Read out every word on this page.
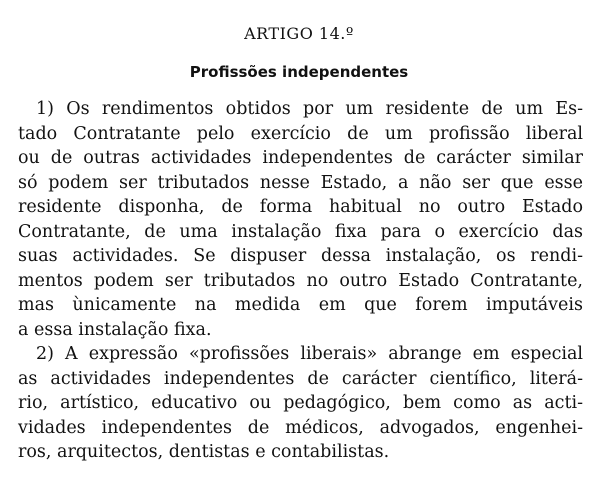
ARTIGO 14.º
Profissões independentes

1) Os rendimentos obtidos por um residente de um Es-
tado Contratante pelo exercício de um profissão liberal
ou de outras actividades independentes de carácter similar
só podem ser tributados nesse Estado, a não ser que esse
residente disponha, de forma habitual no outro Estado
Contratante, de uma instalação fixa para o exercício das
suas actividades. Se dispuser dessa instalação, os rendi-
mentos podem ser tributados no outro Estado Contratante,
mas ùnicamente na medida em que forem imputáveis
a essa instalação fixa.

2) A expressão «profissões liberais» abrange em especial
as actividades independentes de carácter científico, literá-
rio, artístico, educativo ou pedagógico, bem como as acti-
vidades independentes de médicos, advogados, engenhei-
ros, arquitectos, dentistas e contabilistas.
